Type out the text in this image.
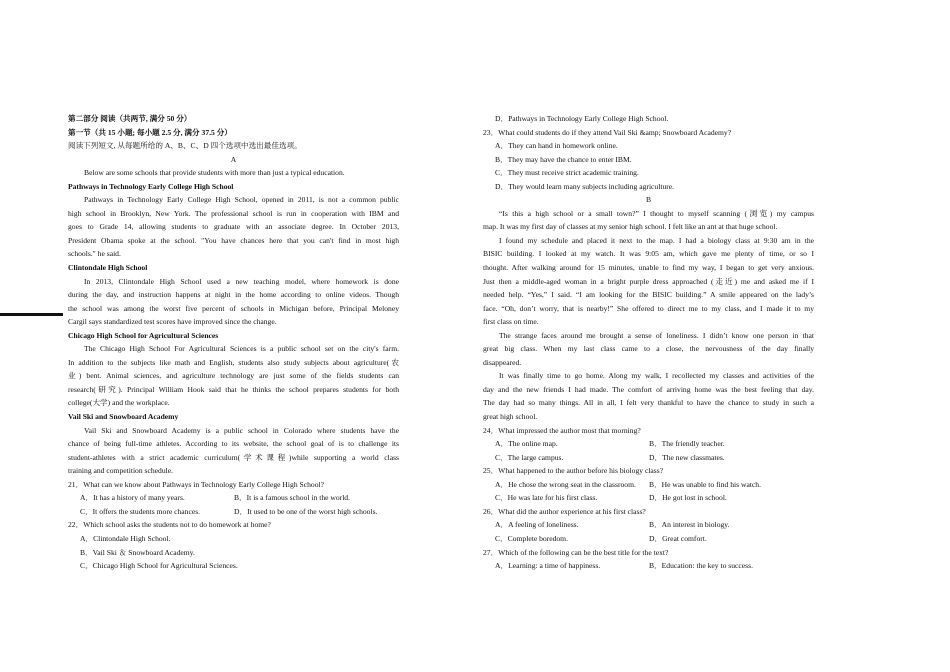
第二部分 阅读（共两节, 满分 50 分）
第一节（共 15 小题; 每小题 2.5 分, 满分 37.5 分）
阅读下列短文, 从每题所给的 A、B、C、D 四个选项中选出最佳选项。
A
Below are some schools that provide students with more than just a typical education.
Pathways in Technology Early College High School
Pathways in Technology Early College High School, opened in 2011, is not a common public
high school in Brooklyn, New York. The professional school is run in cooperation with IBM and
goes to Grade 14, allowing students to graduate with an associate degree. In October 2013,
President Obama spoke at the school. "You have chances here that you can't find in most high
schools." he said.
Clintondale High School
In 2013, Clintondale High School used a new teaching model, where homework is done
during the day, and instruction happens at night in the home according to online videos. Though
the school was among the worst five percent of schools in Michigan before, Principal Meloney
Cargil says standardized test scores have improved since the change.
Chicago High School for Agricultural Sciences
The Chicago High School For Agricultural Sciences is a public school set on the city's farm.
In addition to the subjects like math and English, students also study subjects about agriculture(农
业) bent. Animal sciences, and agriculture technology are just some of the fields students can
research(研究). Principal William Hook said that he thinks the school prepares students for both
college(大学) and the workplace.
Vail Ski and Snowboard Academy
Vail Ski and Snowboard Academy is a public school in Colorado where students have the
chance of being full-time athletes. According to its website, the school goal of is to challenge its
student-athletes with a strict academic curriculum(学术课程)while supporting a world class
training and competition schedule.
21．What can we know about Pathways in Technology Early College High School?
A．It has a history of many years.	B．It is a famous school in the world.
C．It offers the students more chances.	D．It used to be one of the worst high schools.
22．Which school asks the students not to do homework at home?
A．Clintondale High School.
B．Vail Ski ＆ Snowboard Academy.
C．Chicago High School for Agricultural Sciences.
D．Pathways in Technology Early College High School.
23．What could students do if they attend Vail Ski &amp; Snowboard Academy?
A．They can hand in homework online.
B．They may have the chance to enter IBM.
C．They must receive strict academic training.
D．They would learn many subjects including agriculture.
B
“Is this a high school or a small town?” I thought to myself scanning (浏览) my campus
map. It was my first day of classes at my senior high school. I felt like an ant at that huge school.
I found my schedule and placed it next to the map. I had a biology class at 9:30 am in the
BISIC building. I looked at my watch. It was 9:05 am, which gave me plenty of time, or so I
thought. After walking around for 15 minutes, unable to find my way, I began to get very anxious.
Just then a middle-aged woman in a bright purple dress approached (走近) me and asked me if I
needed help. “Yes,” I said. “I am looking for the BISIC building.” A smile appeared on the lady’s
face. “Oh, don’t worry, that is nearby!” She offered to direct me to my class, and I made it to my
first class on time.
The strange faces around me brought a sense of loneliness. I didn’t know one person in that
great big class. When my last class came to a close, the nervousness of the day finally
disappeared.
It was finally time to go home. Along my walk, I recollected my classes and activities of the
day and the new friends I had made. The comfort of arriving home was the best feeling that day.
The day had so many things. All in all, I felt very thankful to have the chance to study in such a
great high school.
24．What impressed the author most that morning?
A．The online map.	B．The friendly teacher.
C．The large campus.	D．The new classmates.
25．What happened to the author before his biology class?
A．He chose the wrong seat in the classroom.	B．He was unable to find his watch.
C．He was late for his first class.	D．He got lost in school.
26．What did the author experience at his first class?
A．A feeling of loneliness.	B．An interest in biology.
C．Complete boredom.	D．Great comfort.
27．Which of the following can be the best title for the text?
A．Learning: a time of happiness.	B．Education: the key to success.
